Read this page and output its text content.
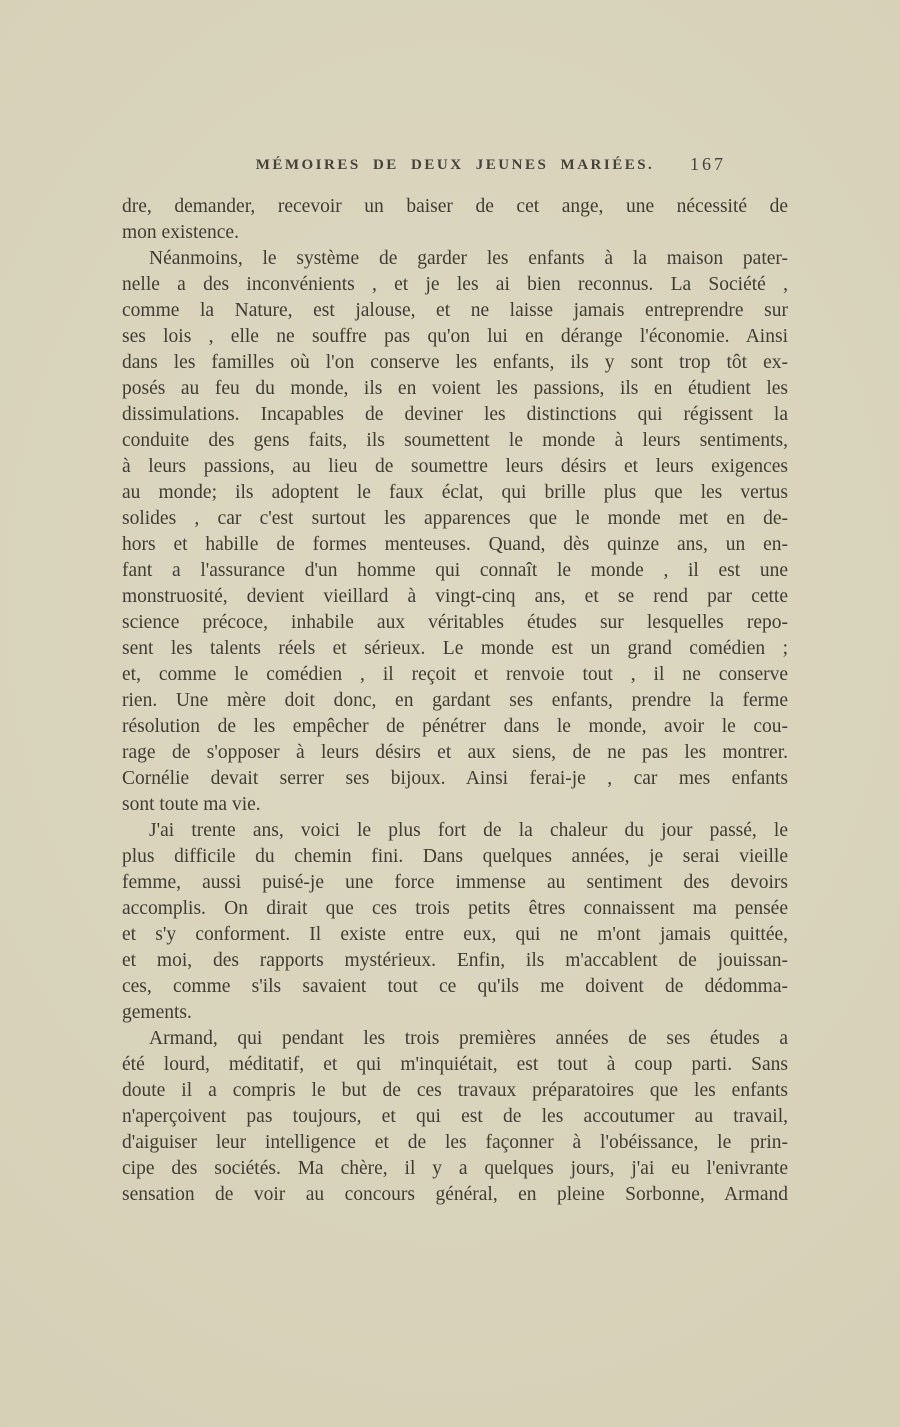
MÉMOIRES DE DEUX JEUNES MARIÉES. 167
dre, demander, recevoir un baiser de cet ange, une nécessité de
mon existence.
Néanmoins, le système de garder les enfants à la maison pater-
nelle a des inconvénients , et je les ai bien reconnus. La Société ,
comme la Nature, est jalouse, et ne laisse jamais entreprendre sur
ses lois , elle ne souffre pas qu'on lui en dérange l'économie. Ainsi
dans les familles où l'on conserve les enfants, ils y sont trop tôt ex-
posés au feu du monde, ils en voient les passions, ils en étudient les
dissimulations. Incapables de deviner les distinctions qui régissent la
conduite des gens faits, ils soumettent le monde à leurs sentiments,
à leurs passions, au lieu de soumettre leurs désirs et leurs exigences
au monde; ils adoptent le faux éclat, qui brille plus que les vertus
solides , car c'est surtout les apparences que le monde met en de-
hors et habille de formes menteuses. Quand, dès quinze ans, un en-
fant a l'assurance d'un homme qui connaît le monde , il est une
monstruosité, devient vieillard à vingt-cinq ans, et se rend par cette
science précoce, inhabile aux véritables études sur lesquelles repo-
sent les talents réels et sérieux. Le monde est un grand comédien ;
et, comme le comédien , il reçoit et renvoie tout , il ne conserve
rien. Une mère doit donc, en gardant ses enfants, prendre la ferme
résolution de les empêcher de pénétrer dans le monde, avoir le cou-
rage de s'opposer à leurs désirs et aux siens, de ne pas les montrer.
Cornélie devait serrer ses bijoux. Ainsi ferai-je , car mes enfants
sont toute ma vie.
J'ai trente ans, voici le plus fort de la chaleur du jour passé, le
plus difficile du chemin fini. Dans quelques années, je serai vieille
femme, aussi puisé-je une force immense au sentiment des devoirs
accomplis. On dirait que ces trois petits êtres connaissent ma pensée
et s'y conforment. Il existe entre eux, qui ne m'ont jamais quittée,
et moi, des rapports mystérieux. Enfin, ils m'accablent de jouissan-
ces, comme s'ils savaient tout ce qu'ils me doivent de dédomma-
gements.
Armand, qui pendant les trois premières années de ses études a
été lourd, méditatif, et qui m'inquiétait, est tout à coup parti. Sans
doute il a compris le but de ces travaux préparatoires que les enfants
n'aperçoivent pas toujours, et qui est de les accoutumer au travail,
d'aiguiser leur intelligence et de les façonner à l'obéissance, le prin-
cipe des sociétés. Ma chère, il y a quelques jours, j'ai eu l'enivrante
sensation de voir au concours général, en pleine Sorbonne, Armand
